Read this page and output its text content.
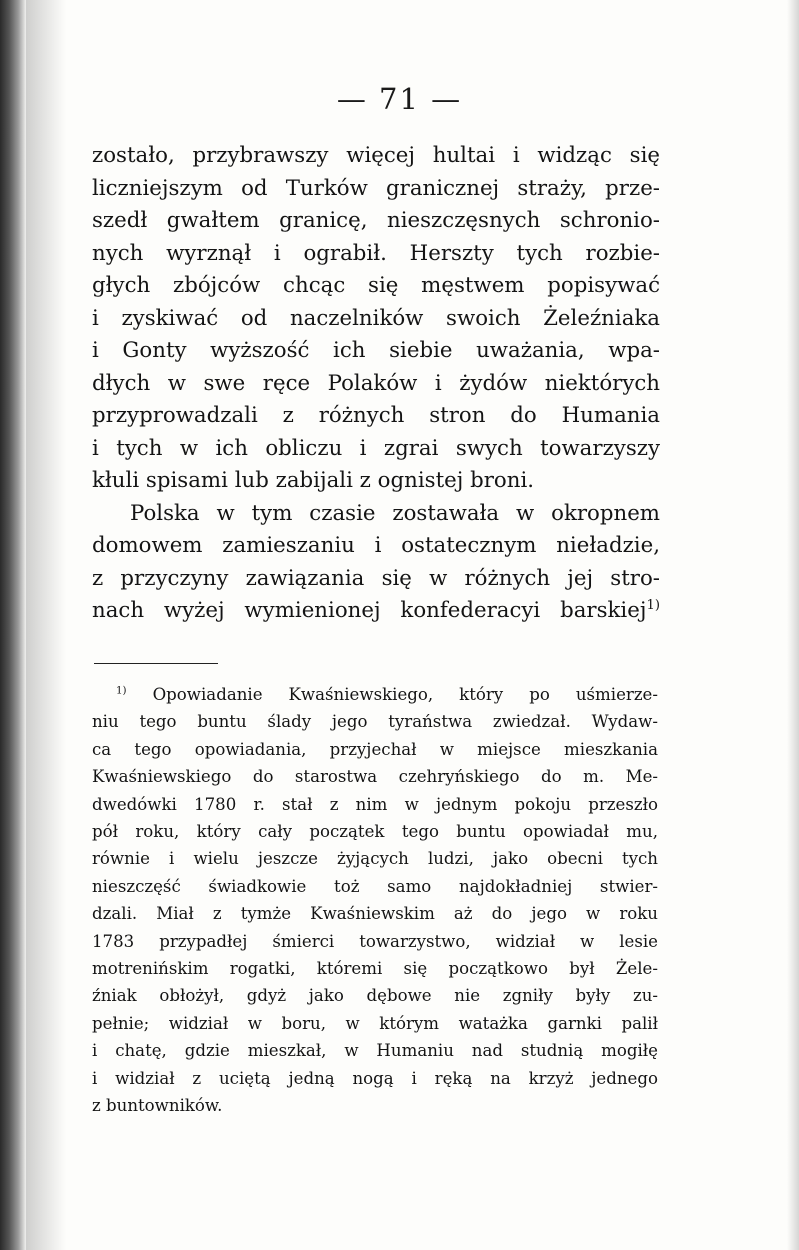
— 71 —
zostało, przybrawszy więcej hultai i widząc się
liczniejszym od Turków granicznej straży, prze-
szedł gwałtem granicę, nieszczęsnych schronio-
nych wyrznął i ograbił. Herszty tych rozbie-
głych zbójców chcąc się męstwem popisywać
i zyskiwać od naczelników swoich Żeleźniaka
i Gonty wyższość ich siebie uważania, wpa-
dłych w swe ręce Polaków i żydów niektórych
przyprowadzali z różnych stron do Humania
i tych w ich obliczu i zgrai swych towarzyszy
kłuli spisami lub zabijali z ognistej broni.
Polska w tym czasie zostawała w okropnem
domowem zamieszaniu i ostatecznym nieładzie,
z przyczyny zawiązania się w różnych jej stro-
nach wyżej wymienionej konfederacyi barskiej$^{1)}$
$^{1)}$ Opowiadanie Kwaśniewskiego, który po uśmierze-
niu tego buntu ślady jego tyraństwa zwiedzał. Wydaw-
ca tego opowiadania, przyjechał w miejsce mieszkania
Kwaśniewskiego do starostwa czehryńskiego do m. Me-
dwedówki 1780 r. stał z nim w jednym pokoju przeszło
pół roku, który cały początek tego buntu opowiadał mu,
równie i wielu jeszcze żyjących ludzi, jako obecni tych
nieszczęść świadkowie toż samo najdokładniej stwier-
dzali. Miał z tymże Kwaśniewskim aż do jego w roku
1783 przypadłej śmierci towarzystwo, widział w lesie
motrenińskim rogatki, któremi się początkowo był Żele-
źniak obłożył, gdyż jako dębowe nie zgniły były zu-
pełnie; widział w boru, w którym watażka garnki palił
i chatę, gdzie mieszkał, w Humaniu nad studnią mogiłę
i widział z uciętą jedną nogą i ręką na krzyż jednego
z buntowników.
